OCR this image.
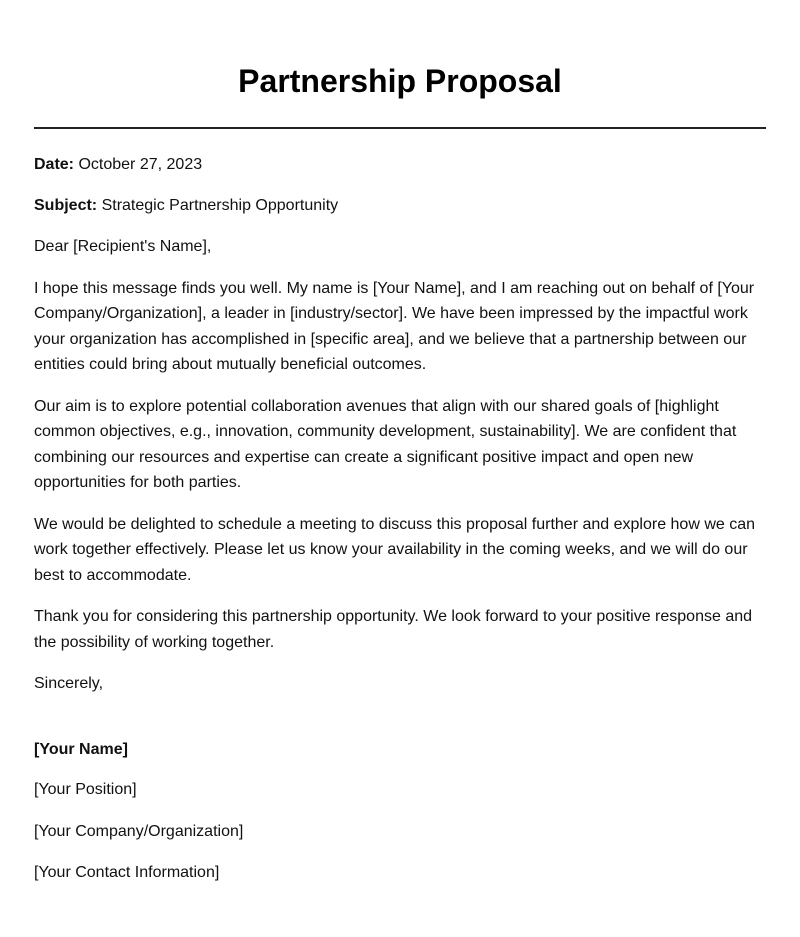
Partnership Proposal

Date: October 27, 2023

Subject: Strategic Partnership Opportunity

Dear [Recipient's Name],

I hope this message finds you well. My name is [Your Name], and I am reaching out on behalf of [Your Company/Organization], a leader in [industry/sector]. We have been impressed by the impactful work your organization has accomplished in [specific area], and we believe that a partnership between our entities could bring about mutually beneficial outcomes.

Our aim is to explore potential collaboration avenues that align with our shared goals of [highlight common objectives, e.g., innovation, community development, sustainability]. We are confident that combining our resources and expertise can create a significant positive impact and open new opportunities for both parties.

We would be delighted to schedule a meeting to discuss this proposal further and explore how we can work together effectively. Please let us know your availability in the coming weeks, and we will do our best to accommodate.

Thank you for considering this partnership opportunity. We look forward to your positive response and the possibility of working together.

Sincerely,

[Your Name]

[Your Position]

[Your Company/Organization]

[Your Contact Information]
